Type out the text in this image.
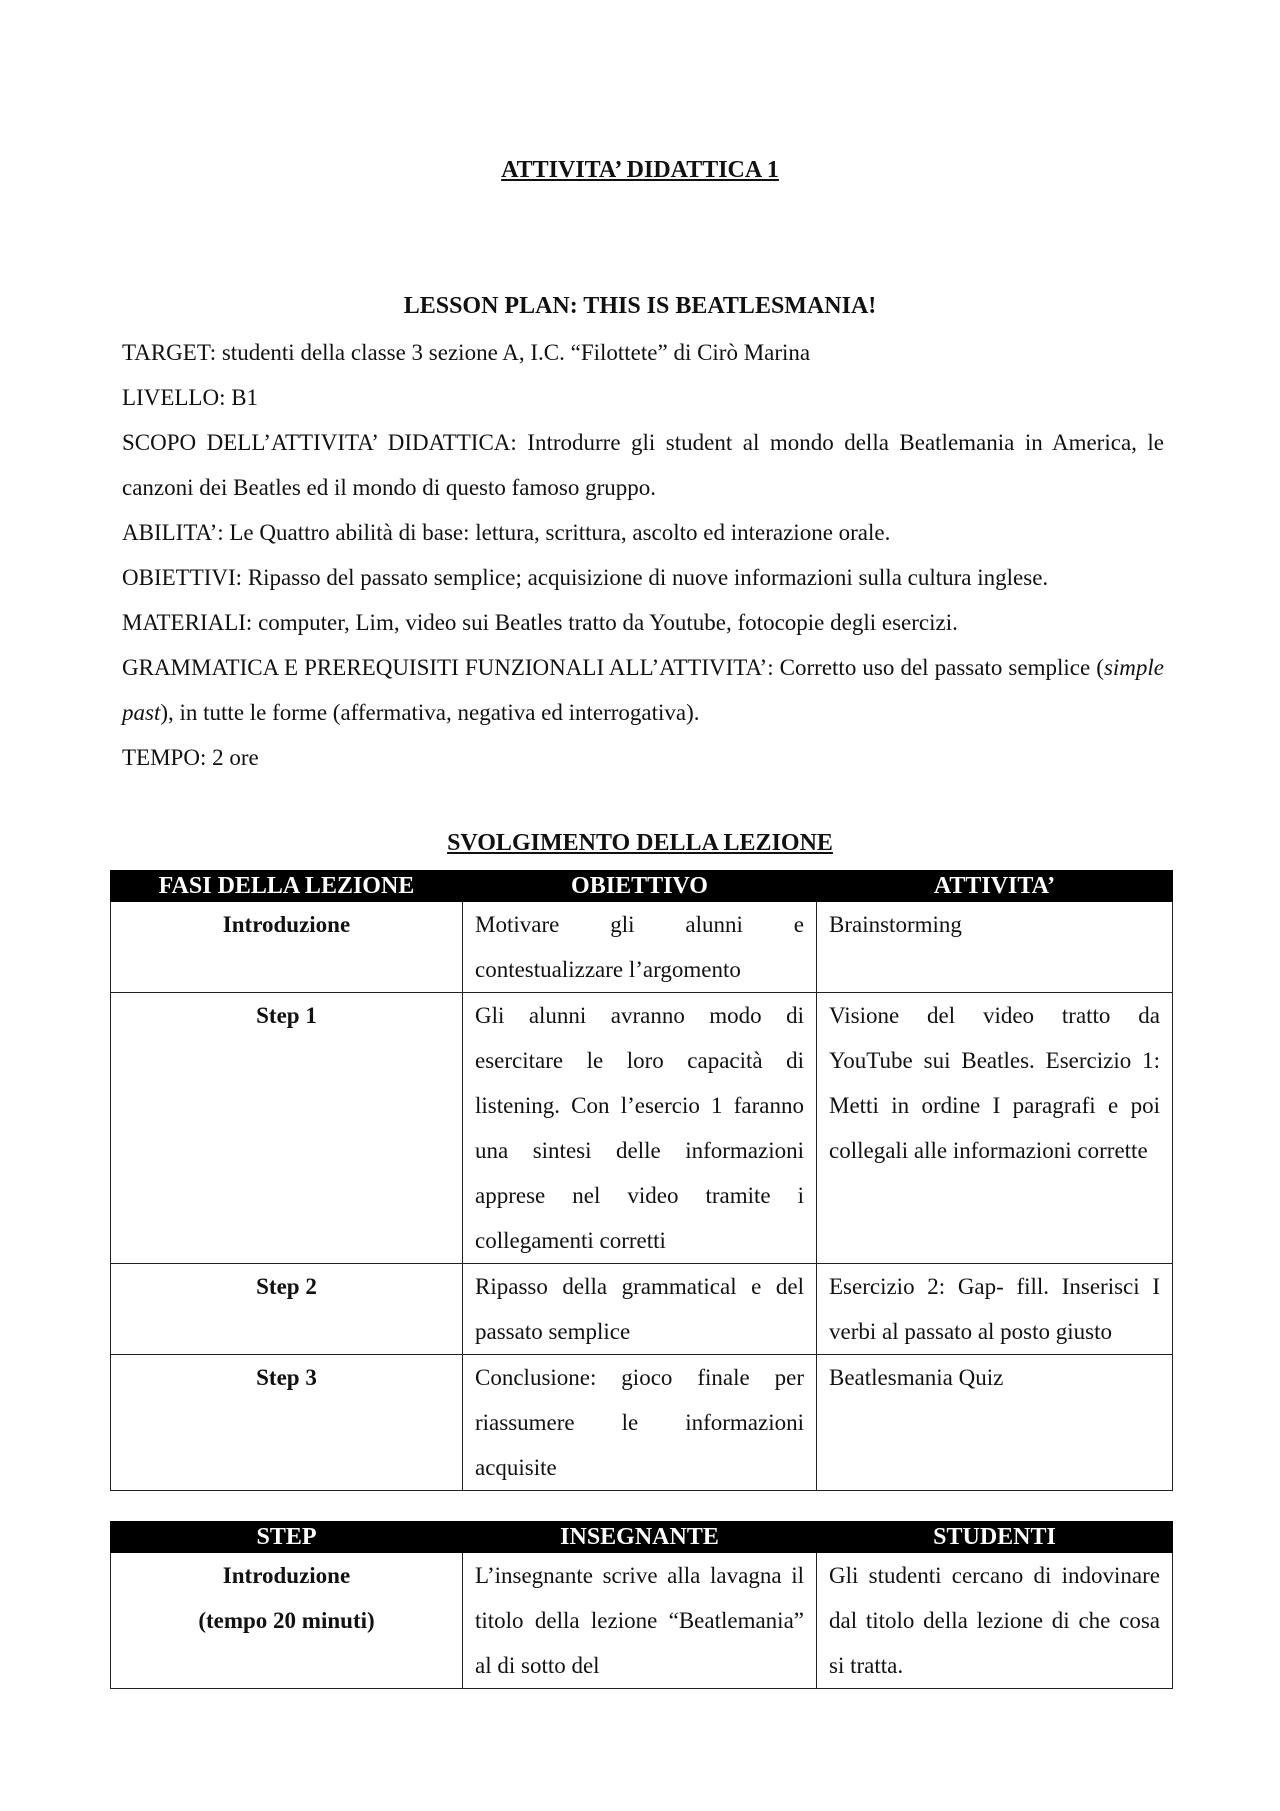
ATTIVITA’ DIDATTICA 1
LESSON PLAN: THIS IS BEATLESMANIA!

TARGET: studenti della classe 3 sezione A, I.C. “Filottete” di Cirò Marina

LIVELLO: B1

SCOPO DELL’ATTIVITA’ DIDATTICA: Introdurre gli student al mondo della Beatlemania in America, le canzoni dei Beatles ed il mondo di questo famoso gruppo.

ABILITA’: Le Quattro abilità di base: lettura, scrittura, ascolto ed interazione orale.

OBIETTIVI: Ripasso del passato semplice; acquisizione di nuove informazioni sulla cultura inglese.

MATERIALI: computer, Lim, video sui Beatles tratto da Youtube, fotocopie degli esercizi.

GRAMMATICA E PREREQUISITI FUNZIONALI ALL’ATTIVITA’: Corretto uso del passato semplice (simple past), in tutte le forme (affermativa, negativa ed interrogativa).

TEMPO: 2 ore

SVOLGIMENTO DELLA LEZIONE
FASI DELLA LEZIONE	OBIETTIVO	ATTIVITA’
Introduzione	Motivare gli alunni e contestualizzare l’argomento	Brainstorming
Step 1	Gli alunni avranno modo di esercitare le loro capacità di listening. Con l’esercio 1 faranno una sintesi delle informazioni apprese nel video tramite i collegamenti corretti	Visione del video tratto da YouTube sui Beatles. Esercizio 1: Metti in ordine I paragrafi e poi collegali alle informazioni corrette
Step 2	Ripasso della grammatical e del passato semplice	Esercizio 2: Gap- fill. Inserisci I verbi al passato al posto giusto
Step 3	Conclusione: gioco finale per riassumere le informazioni acquisite	Beatlesmania Quiz
STEP	INSEGNANTE	STUDENTI

Introduzione
(tempo 20 minuti)	L’insegnante scrive alla lavagna il titolo della lezione “Beatlemania” al di sotto del	Gli studenti cercano di indovinare dal titolo della lezione di che cosa si tratta.
